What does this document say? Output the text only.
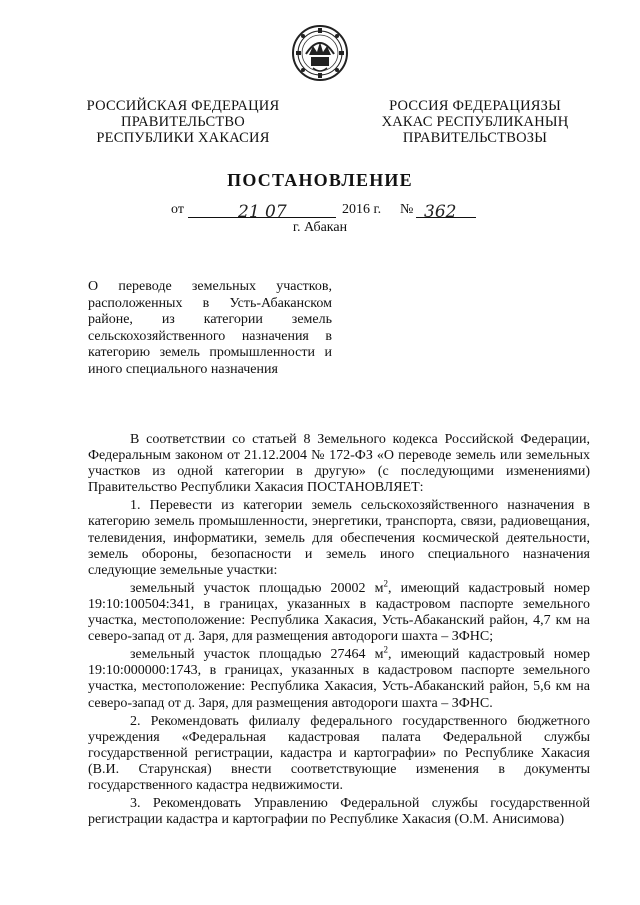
РОССИЙСКАЯ ФЕДЕРАЦИЯ
ПРАВИТЕЛЬСТВО
РЕСПУБЛИКИ ХАКАСИЯ
РОССИЯ ФЕДЕРАЦИЯЗЫ
ХАКАС РЕСПУБЛИКАНЫҢ
ПРАВИТЕЛЬСТВОЗЫ
ПОСТАНОВЛЕНИЕ
от	21 07	2016 г. № 362
г. Абакан
О переводе земельных участков,
расположенных в Усть-Абаканском
районе, из категории земель
сельскохозяйственного назначения в
категорию земель промышленности и
иного специального назначения

В соответствии со статьей 8 Земельного кодекса Российской Федерации, Федеральным законом от 21.12.2004 № 172-ФЗ «О переводе земель или земельных участков из одной категории в другую» (с последующими изменениями) Правительство Республики Хакасия ПОСТАНОВЛЯЕТ:

1. Перевести из категории земель сельскохозяйственного назначения в категорию земель промышленности, энергетики, транспорта, связи, радиовещания, телевидения, информатики, земель для обеспечения космической деятельности, земель обороны, безопасности и земель иного специального назначения следующие земельные участки:

земельный участок площадью 20002 $м^2$, имеющий кадастровый номер 19:10:100504:341, в границах, указанных в кадастровом паспорте земельного участка, местоположение: Республика Хакасия, Усть-Абаканский район, 4,7 км на северо-запад от д. Заря, для размещения автодороги шахта – ЗФНС;

земельный участок площадью 27464 $м^2$, имеющий кадастровый номер 19:10:000000:1743, в границах, указанных в кадастровом паспорте земельного участка, местоположение: Республика Хакасия, Усть-Абаканский район, 5,6 км на северо-запад от д. Заря, для размещения автодороги шахта – ЗФНС.

2. Рекомендовать филиалу федерального государственного бюджетного учреждения «Федеральная кадастровая палата Федеральной службы государственной регистрации, кадастра и картографии» по Республике Хакасия (В.И. Старунская) внести соответствующие изменения в документы государственного кадастра недвижимости.

3. Рекомендовать Управлению Федеральной службы государственной регистрации кадастра и картографии по Республике Хакасия (О.М. Анисимова)
